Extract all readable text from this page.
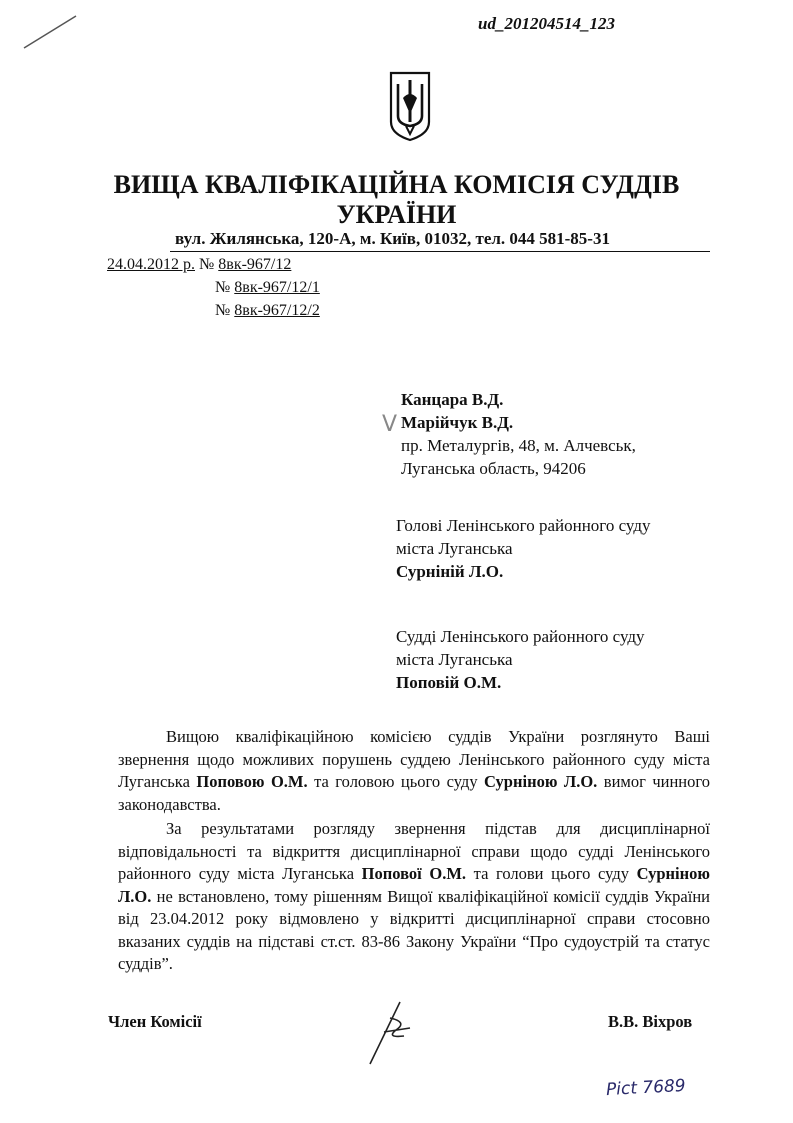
ud_201204514_123
ВИЩА КВАЛІФІКАЦІЙНА КОМІСІЯ СУДДІВ
УКРАЇНИ
вул. Жилянська, 120-А, м. Київ, 01032, тел. 044 581-85-31
24.04.2012 р. № 8вк-967/12
№ 8вк-967/12/1
№ 8вк-967/12/2
V
Канцара В.Д.
Марійчук В.Д.
пр. Металургів, 48, м. Алчевськ,
Луганська область, 94206
Голові Ленінського районного суду
міста Луганська
Сурніній Л.О.
Судді Ленінського районного суду
міста Луганська
Поповій О.М.

Вищою кваліфікаційною комісією суддів України розглянуто Ваші звернення щодо можливих порушень суддею Ленінського районного суду міста Луганська Поповою О.М. та головою цього суду Сурніною Л.О. вимог чинного законодавства.

За результатами розгляду звернення підстав для дисциплінарної відповідальності та відкриття дисциплінарної справи щодо судді Ленінського районного суду міста Луганська Попової О.М. та голови цього суду Сурніною Л.О. не встановлено, тому рішенням Вищої кваліфікаційної комісії суддів України від 23.04.2012 року відмовлено у відкритті дисциплінарної справи стосовно вказаних суддів на підставі ст.ст. 83-86 Закону України “Про судоустрій та статус суддів”.

Член Комісії	В.В. Віхров
Pict 7689
